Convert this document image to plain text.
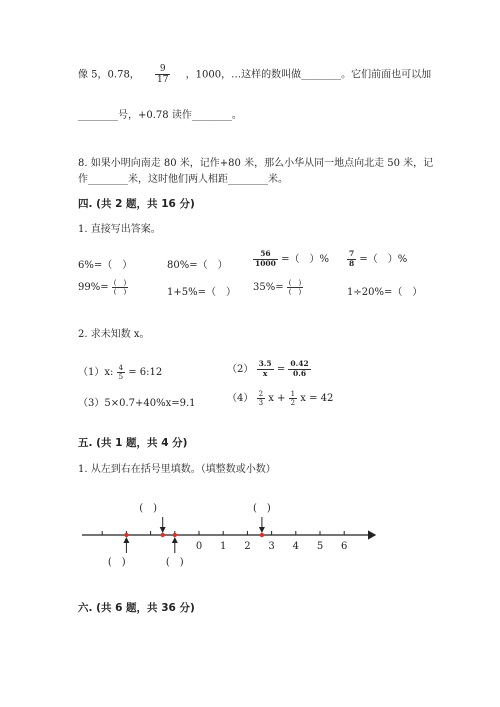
像 5，0.78， $\frac{9}{17}$ ，1000，…这样的数叫做________。它们前面也可以加
________号，+0.78 读作________。
8. 如果小明向南走 80 米，记作+80 米，那么小华从同一地点向北走 50 米，记
作________米，这时他们两人相距________米。
四. (共 2 题，共 16 分)
1. 直接写出答案。
6%=（　）	80%=（　）	$\frac{56}{1000}$ =（　）% $\frac{7}{8}$ =（　）%
$99\%= \frac{( )}{( )}$	1+5%=（　） $35\%= \frac{( )}{( )}$	1÷20%=（　）
2. 求未知数 x。
（1）x: $\frac{4}{5}$ = 6:12	$(2) \frac{3.5}{x} = \frac{0.42}{0.6}$
（3）5×0.7+40%x=9.1	$(4) \frac{2}{3}$ $x + \frac{1}{2}$ x = 42
五. (共 1 题，共 4 分)
1. 从左到右在括号里填数。（填整数或小数）
0 1 2 3 4 5 6
(　)	(　)
(　)	(　)
六. (共 6 题，共 36 分)
